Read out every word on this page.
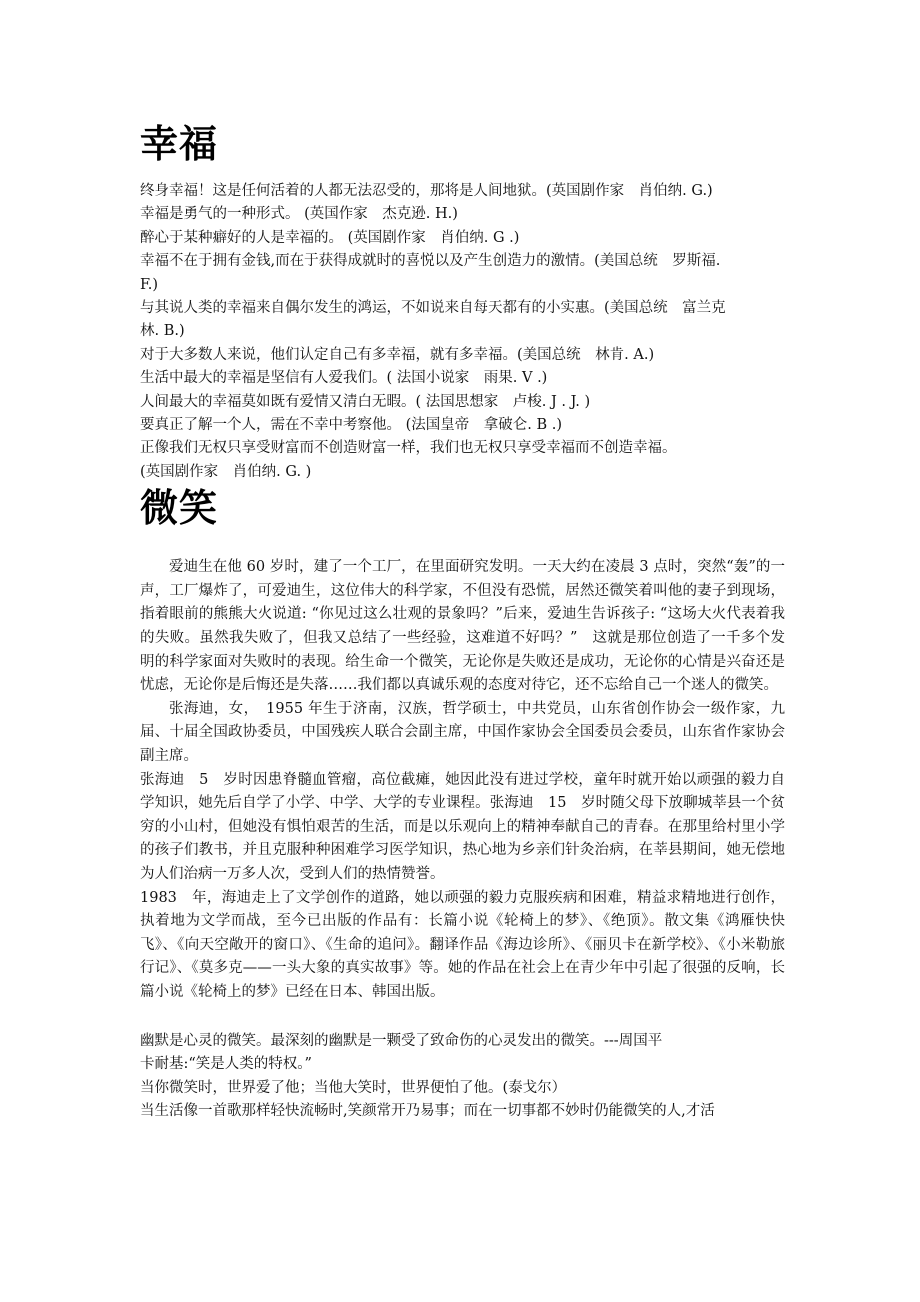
幸福
终身幸福！这是任何活着的人都无法忍受的，那将是人间地狱。(英国剧作家　肖伯纳. G.)
幸福是勇气的一种形式。 (英国作家　杰克逊. H.)
醉心于某种癖好的人是幸福的。 (英国剧作家　肖伯纳. G .)
幸福不在于拥有金钱,而在于获得成就时的喜悦以及产生创造力的激情。(美国总统　罗斯福.
F.)
与其说人类的幸福来自偶尔发生的鸿运，不如说来自每天都有的小实惠。(美国总统　富兰克
林. B.)
对于大多数人来说，他们认定自己有多幸福，就有多幸福。(美国总统　林肯. A.)
生活中最大的幸福是坚信有人爱我们。( 法国小说家　雨果. V .)
人间最大的幸福莫如既有爱情又清白无暇。( 法国思想家　卢梭. J . J. )
要真正了解一个人，需在不幸中考察他。 (法国皇帝　拿破仑. B .)
正像我们无权只享受财富而不创造财富一样，我们也无权只享受幸福而不创造幸福。
(英国剧作家　肖伯纳. G. )
微笑

爱迪生在他 60 岁时，建了一个工厂，在里面研究发明。一天大约在凌晨 3 点时，突然“轰”的一声，工厂爆炸了，可爱迪生，这位伟大的科学家，不但没有恐慌，居然还微笑着叫他的妻子到现场，指着眼前的熊熊大火说道: “你见过这么壮观的景象吗？”后来，爱迪生告诉孩子: “这场大火代表着我的失败。虽然我失败了，但我又总结了一些经验，这难道不好吗？”　这就是那位创造了一千多个发明的科学家面对失败时的表现。给生命一个微笑，无论你是失败还是成功，无论你的心情是兴奋还是忧虑，无论你是后悔还是失落……我们都以真诚乐观的态度对待它，还不忘给自己一个迷人的微笑。

张海迪，女，　1955 年生于济南，汉族，哲学硕士，中共党员，山东省创作协会一级作家，九届、十届全国政协委员，中国残疾人联合会副主席，中国作家协会全国委员会委员，山东省作家协会副主席。

张海迪　5　岁时因患脊髓血管瘤，高位截瘫，她因此没有进过学校，童年时就开始以顽强的毅力自学知识，她先后自学了小学、中学、大学的专业课程。张海迪　15　岁时随父母下放聊城莘县一个贫穷的小山村，但她没有惧怕艰苦的生活，而是以乐观向上的精神奉献自己的青春。在那里给村里小学的孩子们教书，并且克服种种困难学习医学知识，热心地为乡亲们针灸治病，在莘县期间，她无偿地为人们治病一万多人次，受到人们的热情赞誉。

1983　年，海迪走上了文学创作的道路，她以顽强的毅力克服疾病和困难，精益求精地进行创作，执着地为文学而战，至今已出版的作品有：长篇小说《轮椅上的梦》、《绝顶》。散文集《鸿雁快快飞》、《向天空敞开的窗口》、《生命的追问》。翻译作品《海边诊所》、《丽贝卡在新学校》、《小米勒旅行记》、《莫多克——一头大象的真实故事》等。她的作品在社会上在青少年中引起了很强的反响，长篇小说《轮椅上的梦》已经在日本、韩国出版。

幽默是心灵的微笑。最深刻的幽默是一颗受了致命伤的心灵发出的微笑。---周国平
卡耐基:“笑是人类的特权。”
当你微笑时，世界爱了他；当他大笑时，世界便怕了他。(泰戈尔）
当生活像一首歌那样轻快流畅时,笑颜常开乃易事；而在一切事都不妙时仍能微笑的人,才活
